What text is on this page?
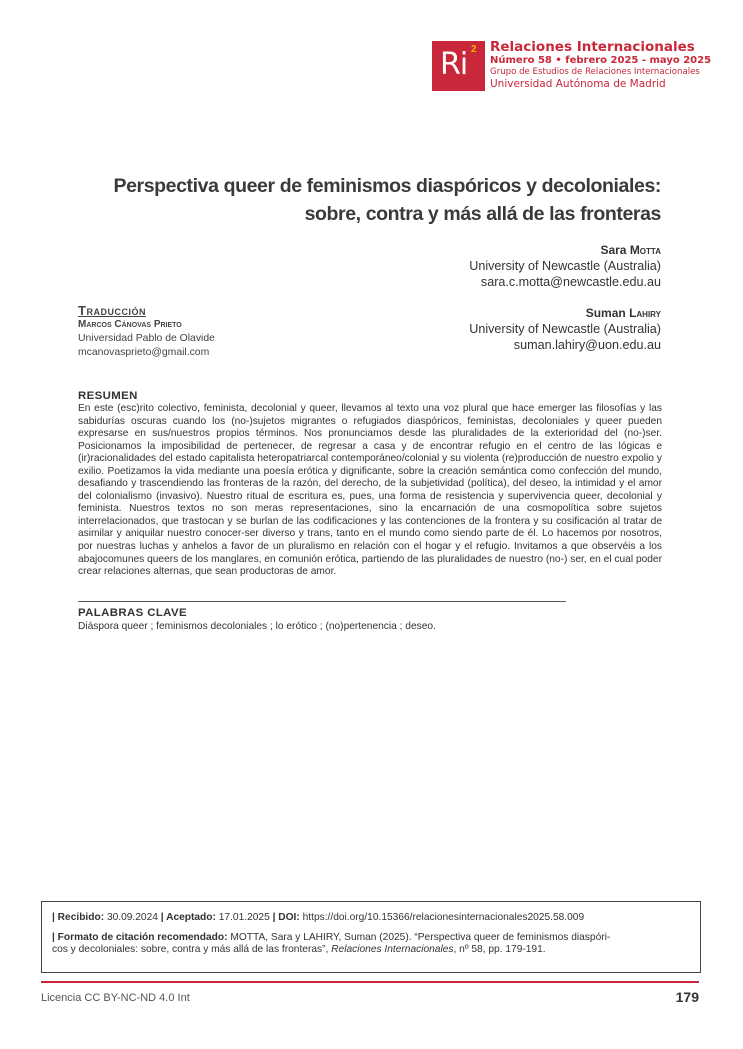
Ri 2 Relaciones Internacionales
Número 58 • febrero 2025 - mayo 2025
Grupo de Estudios de Relaciones Internacionales
Universidad Autónoma de Madrid
Perspectiva queer de feminismos diaspóricos y decoloniales:
sobre, contra y más allá de las fronteras
Sara Motta
University of Newcastle (Australia)
sara.c.motta@newcastle.edu.au
Suman Lahiry
University of Newcastle (Australia)
suman.lahiry@uon.edu.au
Traducción
Marcos Cánovas Prieto
Universidad Pablo de Olavide
mcanovasprieto@gmail.com
RESUMEN

En este (esc)rito colectivo, feminista, decolonial y queer, llevamos al texto una voz plural que hace emerger las filosofías y las sabidurías oscuras cuando los (no-)sujetos migrantes o refugiados diaspóricos, feministas, decoloniales y queer pueden expresarse en sus/nuestros propios términos. Nos pronunciamos desde las pluralidades de la exterioridad del (no-)ser. Posicionamos la imposibilidad de pertenecer, de regresar a casa y de encontrar refugio en el centro de las lógicas e (ir)racionalidades del estado capitalista heteropatriarcal contemporáneo/colonial y su violenta (re)producción de nuestro expolio y exilio. Poetizamos la vida mediante una poesía erótica y dignificante, sobre la creación semántica como confección del mundo, desafiando y trascendiendo las fronteras de la razón, del derecho, de la subjetividad (política), del deseo, la intimidad y el amor del colonialismo (invasivo). Nuestro ritual de escritura es, pues, una forma de resistencia y supervivencia queer, decolonial y feminista. Nuestros textos no son meras representaciones, sino la encarnación de una cosmopolítica sobre sujetos interrelacionados, que trastocan y se burlan de las codificaciones y las contenciones de la frontera y su cosificación al tratar de asimilar y aniquilar nuestro conocer-ser diverso y trans, tanto en el mundo como siendo parte de él. Lo hacemos por nosotros, por nuestras luchas y anhelos a favor de un pluralismo en relación con el hogar y el refugio. Invitamos a que observéis a los abajocomunes queers de los manglares, en comunión erótica, partiendo de las pluralidades de nuestro (no-) ser, en el cual poder crear relaciones alternas, que sean productoras de amor.

PALABRAS CLAVE
Diáspora queer ; feminismos decoloniales ; lo erótico ; (no)pertenencia ; deseo.
| Recibido: 30.09.2024 | Aceptado: 17.01.2025 | DOI: https://doi.org/10.15366/relacionesinternacionales2025.58.009
| Formato de citación recomendado: MOTTA, Sara y LAHIRY, Suman (2025). “Perspectiva queer de feminismos diaspóri-
cos y decoloniales: sobre, contra y más allá de las fronteras”, Relaciones Internacionales, nº 58, pp. 179-191.
Licencia CC BY-NC-ND 4.0 Int	179
